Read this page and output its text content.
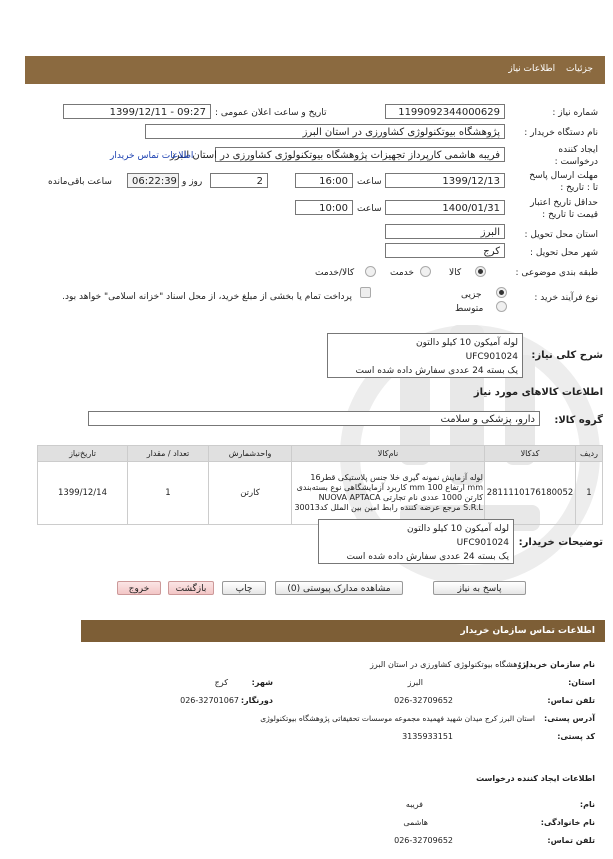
جزئیات اطلاعات نیاز
شماره نیاز :
1199092344000629
تاریخ و ساعت اعلان عمومی :
1399/12/11 - 09:27
نام دستگاه خریدار :
پژوهشگاه بیوتکنولوژی کشاورزی در استان البرز
ایجاد کننده درخواست :
فریبه هاشمی کارپرداز تجهیزات پژوهشگاه بیوتکنولوژی کشاورزی در استان البرز
اطلاعات تماس خریدار
مهلت ارسال پاسخ تا : تاریخ :
1399/12/13
ساعت
16:00
2
روز و
06:22:39
ساعت باقی‌مانده
حداقل تاریخ اعتبار قیمت تا تاریخ :
1400/01/31
ساعت
10:00
استان محل تحویل :
البرز
شهر محل تحویل :
کرج
طبقه بندی موضوعی :
کالا
خدمت
کالا/خدمت
نوع فرآیند خرید :
جزیی
متوسط
پرداخت تمام یا بخشی از مبلغ خرید، از محل اسناد "خزانه اسلامی" خواهد بود.
شرح کلی نیاز:
لوله آمیکون 10 کیلو دالتون
UFC901024
یک بسته 24 عددی سفارش داده شده است
اطلاعات کالاهای مورد نیاز
گروه کالا:
دارو، پزشکی و سلامت
ردیف	کدکالا	نام‌کالا	واحدشمارش	تعداد / مقدار	تاریخ‌نیاز
1	2811110176180052	لوله آزمایش نمونه گیری خلا جنس پلاستیکی قطر16
mm ارتفاع 100 mm کاربرد آزمایشگاهی نوع بسته‌بندی
کارتن 1000 عددی نام تجارتی NUOVA APTACA
S.R.L مرجع عرضه کننده رابط امین بین الملل کد30013	کارتن	1	1399/12/14
توضیحات خریدار:
لوله آمیکون 10 کیلو دالتون
UFC901024
یک بسته 24 عددی سفارش داده شده است
پاسخ به نیاز
مشاهده مدارک پیوستی (0)
چاپ
بازگشت
خروج
اطلاعات تماس سازمان خریدار
نام سازمان خریدار:
پژوهشگاه بیوتکنولوژی کشاورزی در استان البرز
استان:
البرز
شهر:
کرج
تلفن تماس:
026-32709652
دورنگار:
026-32701067
آدرس پستی:
استان البرز کرج میدان شهید فهمیده مجموعه موسسات تحقیقاتی پژوهشگاه بیوتکنولوژی
کد پستی:
3135933151
اطلاعات ایجاد کننده درخواست
نام:
فریبه
نام خانوادگی:
هاشمی
تلفن تماس:
026-32709652
